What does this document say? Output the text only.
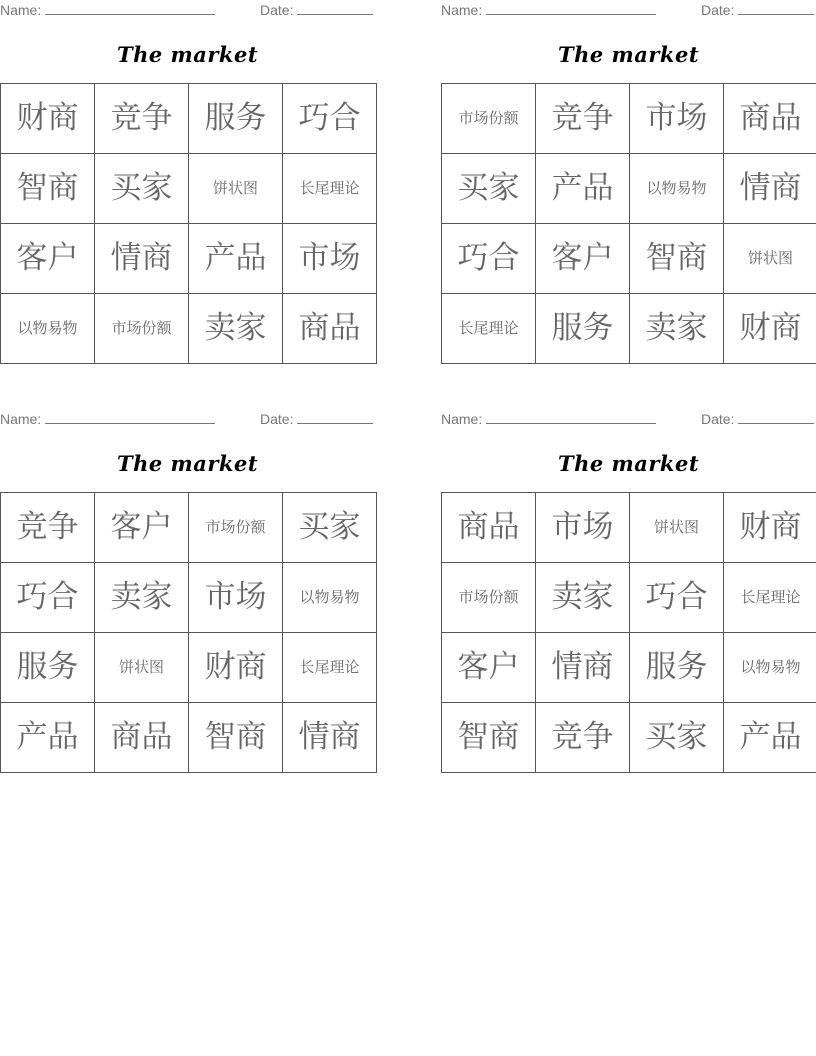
Name:	Date:
The market
财商	竞争	服务	巧合
智商	买家	饼状图	长尾理论
客户	情商	产品	市场
以物易物	市场份额	卖家	商品
Name:	Date:
The market
市场份额	竞争	市场	商品
买家	产品	以物易物	情商
巧合	客户	智商	饼状图
长尾理论	服务	卖家	财商
Name:	Date:
The market
竞争	客户	市场份额	买家
巧合	卖家	市场	以物易物
服务	饼状图	财商	长尾理论
产品	商品	智商	情商
Name:	Date:
The market
商品	市场	饼状图	财商
市场份额	卖家	巧合	长尾理论
客户	情商	服务	以物易物
智商	竞争	买家	产品
